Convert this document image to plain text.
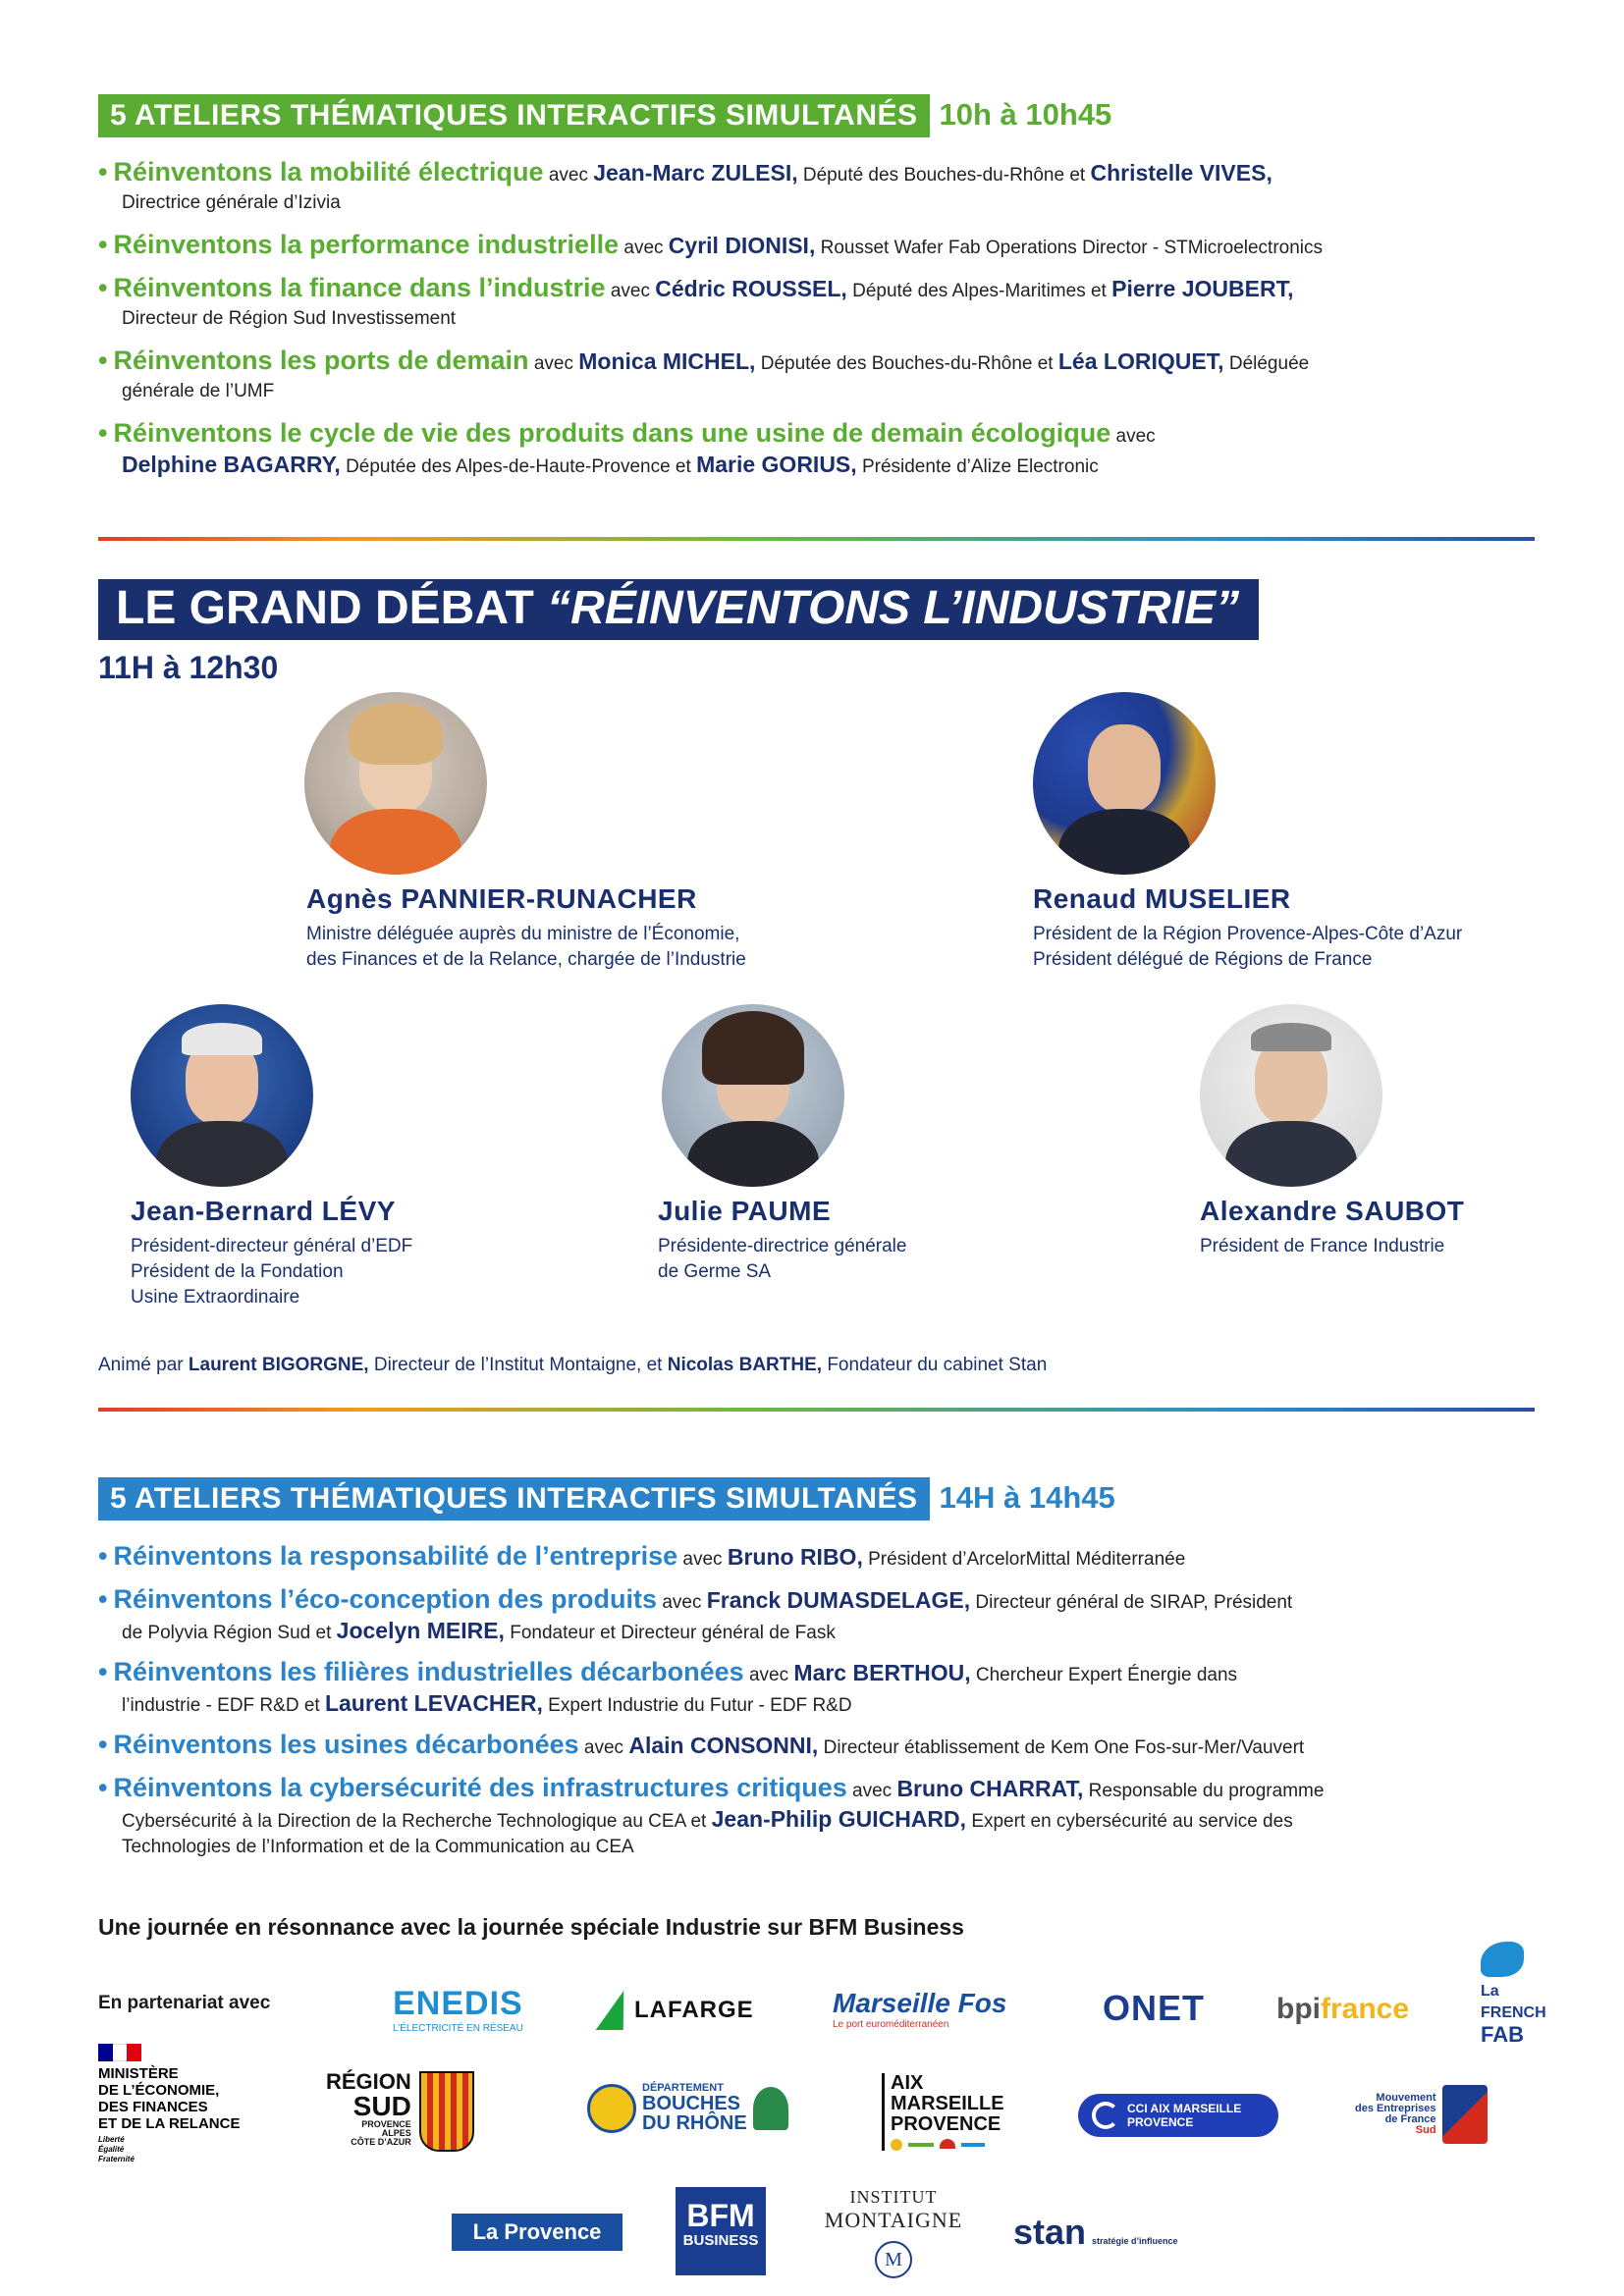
5 ATELIERS THÉMATIQUES INTERACTIFS SIMULTANÉS 10h à 10h45
• Réinventons la mobilité électrique avec Jean-Marc ZULESI, Député des Bouches-du-Rhône et Christelle VIVES,
Directrice générale d’Izivia
• Réinventons la performance industrielle avec Cyril DIONISI, Rousset Wafer Fab Operations Director - STMicroelectronics
• Réinventons la finance dans l’industrie avec Cédric ROUSSEL, Député des Alpes-Maritimes et Pierre JOUBERT,
Directeur de Région Sud Investissement
• Réinventons les ports de demain avec Monica MICHEL, Députée des Bouches-du-Rhône et Léa LORIQUET, Déléguée
générale de l’UMF
• Réinventons le cycle de vie des produits dans une usine de demain écologique avec
Delphine BAGARRY, Députée des Alpes-de-Haute-Provence et Marie GORIUS, Présidente d’Alize Electronic
LE GRAND DÉBAT “RÉINVENTONS L’INDUSTRIE”
11H à 12h30
Agnès PANNIER-RUNACHER
Ministre déléguée auprès du ministre de l’Économie,
des Finances et de la Relance, chargée de l’Industrie
Renaud MUSELIER
Président de la Région Provence-Alpes-Côte d’Azur
Président délégué de Régions de France
Jean-Bernard LÉVY
Président-directeur général d’EDF
Président de la Fondation
Usine Extraordinaire
Julie PAUME
Présidente-directrice générale
de Germe SA
Alexandre SAUBOT
Président de France Industrie
Animé par Laurent BIGORGNE, Directeur de l’Institut Montaigne, et Nicolas BARTHE, Fondateur du cabinet Stan
5 ATELIERS THÉMATIQUES INTERACTIFS SIMULTANÉS 14H à 14h45
• Réinventons la responsabilité de l’entreprise avec Bruno RIBO, Président d’ArcelorMittal Méditerranée
• Réinventons l’éco-conception des produits avec Franck DUMASDELAGE, Directeur général de SIRAP, Président
de Polyvia Région Sud et Jocelyn MEIRE, Fondateur et Directeur général de Fask
• Réinventons les filières industrielles décarbonées avec Marc BERTHOU, Chercheur Expert Énergie dans
l’industrie - EDF R&D et Laurent LEVACHER, Expert Industrie du Futur - EDF R&D
• Réinventons les usines décarbonées avec Alain CONSONNI, Directeur établissement de Kem One Fos-sur-Mer/Vauvert
• Réinventons la cybersécurité des infrastructures critiques avec Bruno CHARRAT, Responsable du programme
Cybersécurité à la Direction de la Recherche Technologique au CEA et Jean-Philip GUICHARD, Expert en cybersécurité au service des
Technologies de l’Information et de la Communication au CEA
Une journée en résonnance avec la journée spéciale Industrie sur BFM Business
En partenariat avec	ENEDIS
L’ÉLECTRICITÉ EN RÉSEAU
LAFARGE	Marseille Fos
Le port euroméditerranéen	ONET bpifrance
La
FRENCH
FAB
MINISTÈRE
DE L’ÉCONOMIE,
DES FINANCES
ET DE LA RELANCE
Liberté
Égalité
Fraternité
RÉGION
SUD
PROVENCE
ALPES
CÔTE D’AZUR
DÉPARTEMENT
BOUCHES
DU RHÔNE
AIX
MARSEILLE
PROVENCE
CCI AIX MARSEILLE PROVENCE
Mouvement
des Entreprises
de France
Sud
La Provence	BFM
BUSINESS
INSTITUT
MONTAIGNE
M
stan stratégie d’influence
